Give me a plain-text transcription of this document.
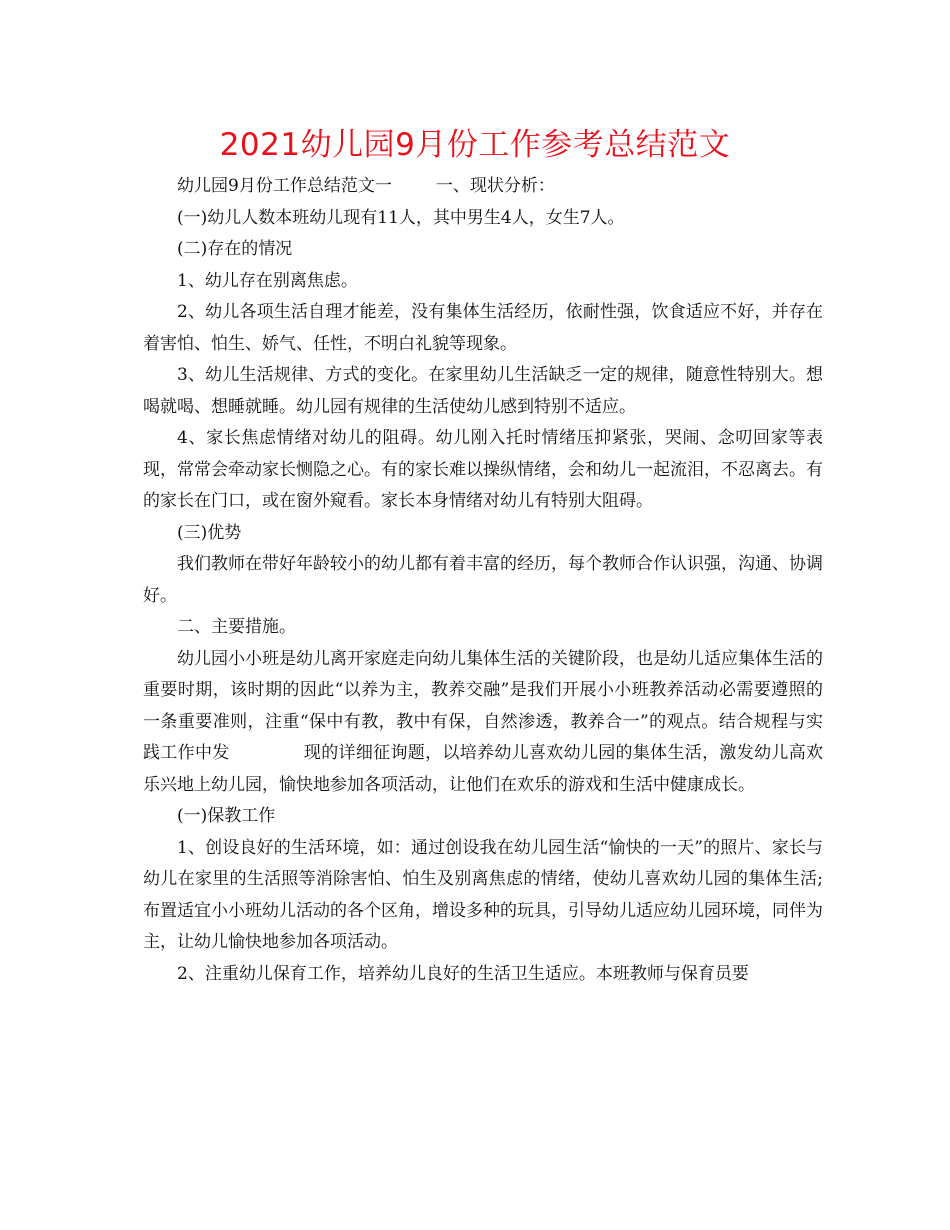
2021幼儿园9月份工作参考总结范文

幼儿园9月份工作总结范文一	一、现状分析：

(一)幼儿人数本班幼儿现有11人，其中男生4人，女生7人。

(二)存在的情况

1、幼儿存在别离焦虑。

2、幼儿各项生活自理才能差，没有集体生活经历，依耐性强，饮食适应不好，并存在着害怕、怕生、娇气、任性，不明白礼貌等现象。

3、幼儿生活规律、方式的变化。在家里幼儿生活缺乏一定的规律，随意性特别大。想喝就喝、想睡就睡。幼儿园有规律的生活使幼儿感到特别不适应。

4、家长焦虑情绪对幼儿的阻碍。幼儿刚入托时情绪压抑紧张，哭闹、念叨回家等表现，常常会牵动家长恻隐之心。有的家长难以操纵情绪，会和幼儿一起流泪，不忍离去。有的家长在门口，或在窗外窥看。家长本身情绪对幼儿有特别大阻碍。

(三)优势

我们教师在带好年龄较小的幼儿都有着丰富的经历，每个教师合作认识强，沟通、协调好。

二、主要措施。

幼儿园小小班是幼儿离开家庭走向幼儿集体生活的关键阶段，也是幼儿适应集体生活的重要时期，该时期的因此“以养为主，教养交融”是我们开展小小班教养活动必需要遵照的一条重要准则，注重“保中有教，教中有保，自然渗透，教养合一”的观点。结合规程与实践工作中发	现的详细征询题，以培养幼儿喜欢幼儿园的集体生活，激发幼儿高欢乐兴地上幼儿园，愉快地参加各项活动，让他们在欢乐的游戏和生活中健康成长。

(一)保教工作

1、创设良好的生活环境，如：通过创设我在幼儿园生活“愉快的一天”的照片、家长与幼儿在家里的生活照等消除害怕、怕生及别离焦虑的情绪，使幼儿喜欢幼儿园的集体生活;布置适宜小小班幼儿活动的各个区角，增设多种的玩具，引导幼儿适应幼儿园环境，同伴为主，让幼儿愉快地参加各项活动。

2、注重幼儿保育工作，培养幼儿良好的生活卫生适应。本班教师与保育员要
